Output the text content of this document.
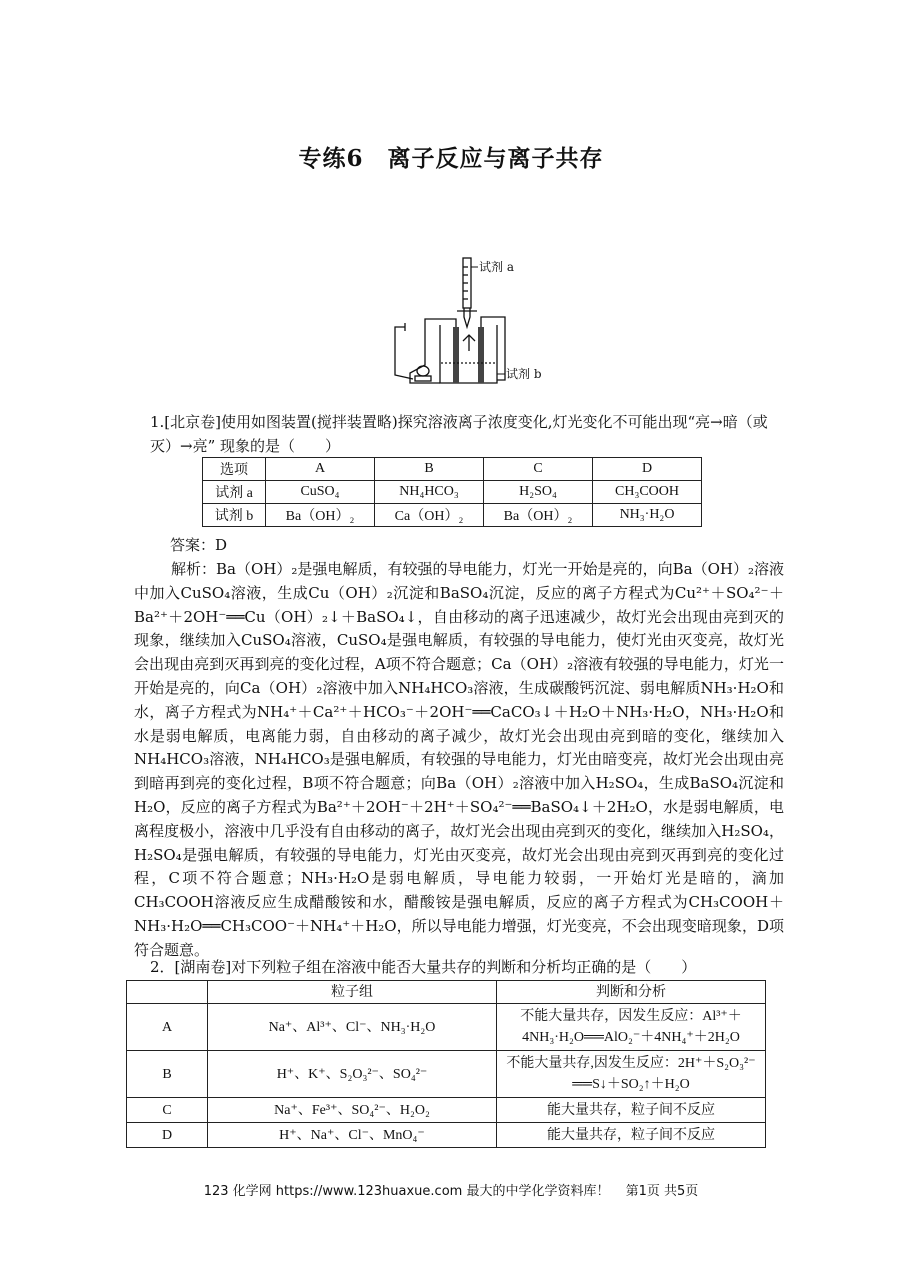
专练6　离子反应与离子共存
试剂 a
试剂 b
1.[北京卷]使用如图装置(搅拌装置略)探究溶液离子浓度变化,灯光变化不可能出现“亮→暗（或灭）→亮” 现象的是（　　）
选项	A	B	C	D
试剂 a	CuSO₄	NH₄HCO₃	H₂SO₄	CH₃COOH
试剂 b	Ba（OH）₂	Ca（OH）₂	Ba（OH）₂	NH₃·H₂O
答案：D

解析：Ba（OH）₂是强电解质，有较强的导电能力，灯光一开始是亮的，向Ba（OH）₂溶液中加入CuSO₄溶液，生成Cu（OH）₂沉淀和BaSO₄沉淀，反应的离子方程式为Cu²⁺＋SO₄²⁻＋Ba²⁺＋2OH⁻══Cu（OH）₂↓＋BaSO₄↓，自由移动的离子迅速减少，故灯光会出现由亮到灭的现象，继续加入CuSO₄溶液，CuSO₄是强电解质，有较强的导电能力，使灯光由灭变亮，故灯光会出现由亮到灭再到亮的变化过程，A项不符合题意；Ca（OH）₂溶液有较强的导电能力，灯光一开始是亮的，向Ca（OH）₂溶液中加入NH₄HCO₃溶液，生成碳酸钙沉淀、弱电解质NH₃·H₂O和水，离子方程式为NH₄⁺＋Ca²⁺＋HCO₃⁻＋2OH⁻══CaCO₃↓＋H₂O＋NH₃·H₂O，NH₃·H₂O和水是弱电解质，电离能力弱，自由移动的离子减少，故灯光会出现由亮到暗的变化，继续加入NH₄HCO₃溶液，NH₄HCO₃是强电解质，有较强的导电能力，灯光由暗变亮，故灯光会出现由亮到暗再到亮的变化过程，B项不符合题意；向Ba（OH）₂溶液中加入H₂SO₄，生成BaSO₄沉淀和H₂O，反应的离子方程式为Ba²⁺＋2OH⁻＋2H⁺＋SO₄²⁻══BaSO₄↓＋2H₂O，水是弱电解质，电离程度极小，溶液中几乎没有自由移动的离子，故灯光会出现由亮到灭的变化，继续加入H₂SO₄，H₂SO₄是强电解质，有较强的导电能力，灯光由灭变亮，故灯光会出现由亮到灭再到亮的变化过程，C项不符合题意；NH₃·H₂O是弱电解质，导电能力较弱，一开始灯光是暗的，滴加CH₃COOH溶液反应生成醋酸铵和水，醋酸铵是强电解质，反应的离子方程式为CH₃COOH＋NH₃·H₂O══CH₃COO⁻＋NH₄⁺＋H₂O，所以导电能力增强，灯光变亮，不会出现变暗现象，D项符合题意。

2．[湖南卷]对下列粒子组在溶液中能否大量共存的判断和分析均正确的是（　　）
	粒子组	判断和分析
A	Na⁺、Al³⁺、Cl⁻、NH₃·H₂O	不能大量共存，因发生反应：Al³⁺＋
4NH₃·H₂O══AlO₂⁻＋4NH₄⁺＋2H₂O

B	H⁺、K⁺、S₂O₃²⁻、SO₄²⁻	不能大量共存,因发生反应：2H⁺＋S₂O₃²⁻
══S↓＋SO₂↑＋H₂O

C	Na⁺、Fe³⁺、SO₄²⁻、H₂O₂	能大量共存，粒子间不反应
D	H⁺、Na⁺、Cl⁻、MnO₄⁻	能大量共存，粒子间不反应
123 化学网 https://www.123huaxue.com 最大的中学化学资料库！ 第1页 共5页
